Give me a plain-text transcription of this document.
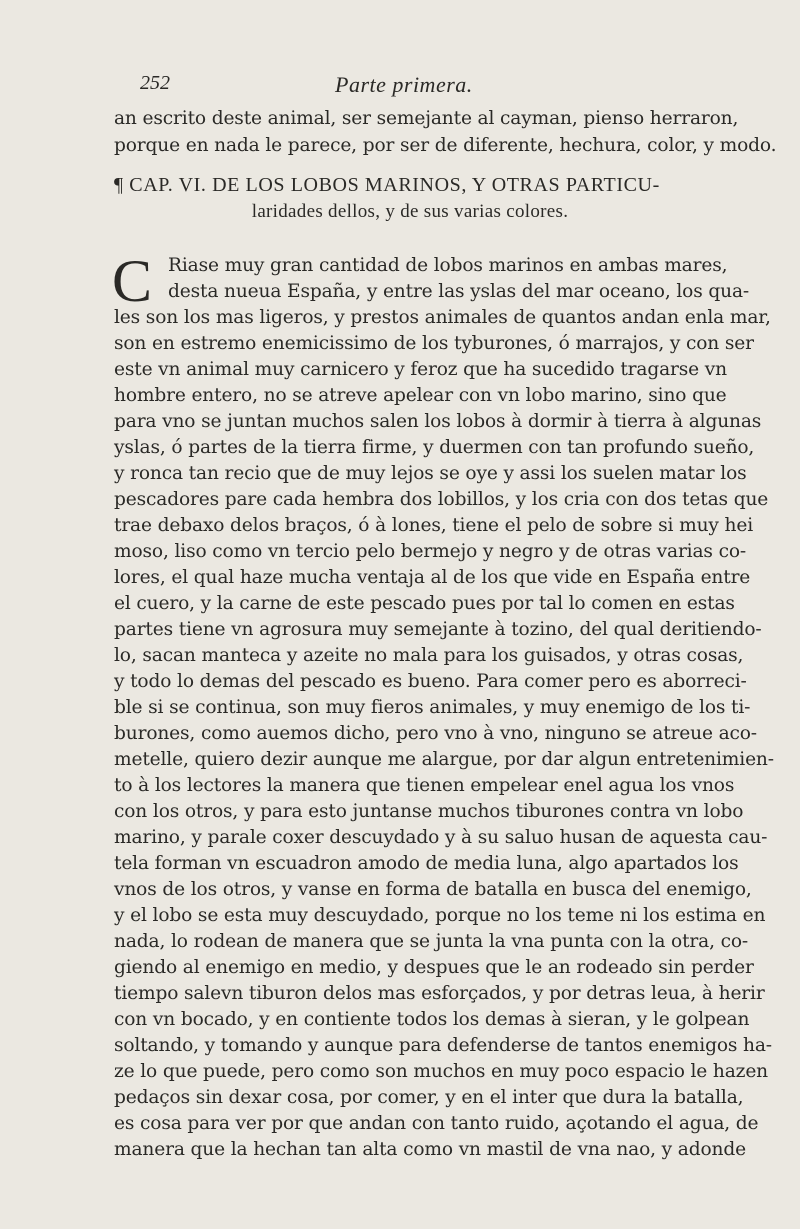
252	Parte primera.
an escrito deste animal, ser semejante al cayman, pienso herraron,
porque en nada le parece, por ser de diferente, hechura, color, y modo.
¶ CAP. VI. DE LOS LOBOS MARINOS, Y OTRAS PARTICU-
laridades dellos, y de sus varias colores.
C Riase muy gran cantidad de lobos marinos en ambas mares,
desta nueua España, y entre las yslas del mar oceano, los qua-
les son los mas ligeros, y prestos animales de quantos andan enla mar,
son en estremo enemicissimo de los tyburones, ó marrajos, y con ser
este vn animal muy carnicero y feroz que ha sucedido tragarse vn
hombre entero, no se atreve apelear con vn lobo marino, sino que
para vno se juntan muchos salen los lobos à dormir à tierra à algunas
yslas, ó partes de la tierra firme, y duermen con tan profundo sueño,
y ronca tan recio que de muy lejos se oye y assi los suelen matar los
pescadores pare cada hembra dos lobillos, y los cria con dos tetas que
trae debaxo delos braços, ó à lones, tiene el pelo de sobre si muy hei
moso, liso como vn tercio pelo bermejo y negro y de otras varias co-
lores, el qual haze mucha ventaja al de los que vide en España entre
el cuero, y la carne de este pescado pues por tal lo comen en estas
partes tiene vn agrosura muy semejante à tozino, del qual deritiendo-
lo, sacan manteca y azeite no mala para los guisados, y otras cosas,
y todo lo demas del pescado es bueno. Para comer pero es aborreci-
ble si se continua, son muy fieros animales, y muy enemigo de los ti-
burones, como auemos dicho, pero vno à vno, ninguno se atreue aco-
metelle, quiero dezir aunque me alargue, por dar algun entretenimien-
to à los lectores la manera que tienen empelear enel agua los vnos
con los otros, y para esto juntanse muchos tiburones contra vn lobo
marino, y parale coxer descuydado y à su saluo husan de aquesta cau-
tela forman vn escuadron amodo de media luna, algo apartados los
vnos de los otros, y vanse en forma de batalla en busca del enemigo,
y el lobo se esta muy descuydado, porque no los teme ni los estima en
nada, lo rodean de manera que se junta la vna punta con la otra, co-
giendo al enemigo en medio, y despues que le an rodeado sin perder
tiempo salevn tiburon delos mas esforçados, y por detras leua, à herir
con vn bocado, y en contiente todos los demas à sieran, y le golpean
soltando, y tomando y aunque para defenderse de tantos enemigos ha-
ze lo que puede, pero como son muchos en muy poco espacio le hazen
pedaços sin dexar cosa, por comer, y en el inter que dura la batalla,
es cosa para ver por que andan con tanto ruido, açotando el agua, de
manera que la hechan tan alta como vn mastil de vna nao, y adonde
